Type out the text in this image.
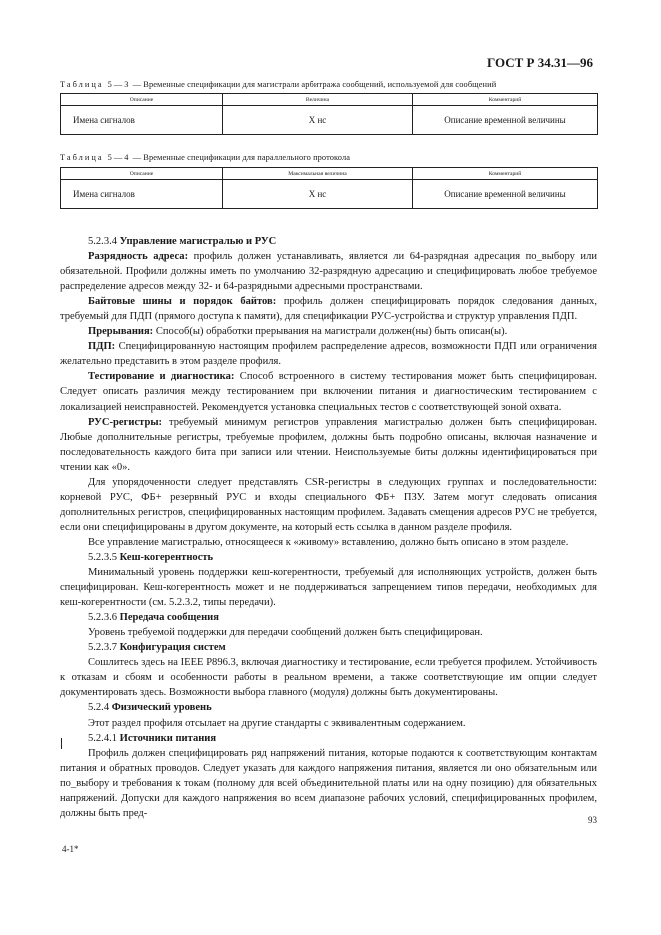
ГОСТ Р 34.31—96
Таблица 5—3 — Временные спецификации для магистрали арбитража сообщений, используемой для сообщений
Описание	Величина	Комментарий
Имена сигналов	X нс	Описание временной величины
Таблица 5—4 — Временные спецификации для параллельного протокола
Описание	Максимальная величина	Комментарий
Имена сигналов	X нс	Описание временной величины

5.2.3.4 Управление магистралью и РУС

Разрядность адреса: профиль должен устанавливать, является ли 64-разрядная адресация по_выбору или обязательной. Профили должны иметь по умолчанию 32-разрядную адресацию и специфицировать любое требуемое распределение адресов между 32- и 64-разрядными адресными пространствами.

Байтовые шины и порядок байтов: профиль должен специфицировать порядок следования данных, требуемый для ПДП (прямого доступа к памяти), для спецификации РУС-устройства и структур управления ПДП.

Прерывания: Способ(ы) обработки прерывания на магистрали должен(ны) быть описан(ы).

ПДП: Специфицированную настоящим профилем распределение адресов, возможности ПДП или ограничения желательно представить в этом разделе профиля.

Тестирование и диагностика: Способ встроенного в систему тестирования может быть специфицирован. Следует описать различия между тестированием при включении питания и диагностическим тестированием с локализацией неисправностей. Рекомендуется установка специальных тестов с соответствующей зоной охвата.

РУС-регистры: требуемый минимум регистров управления магистралью должен быть специфицирован. Любые дополнительные регистры, требуемые профилем, должны быть подробно описаны, включая назначение и последовательность каждого бита при записи или чтении. Неиспользуемые биты должны идентифицироваться при чтении как «0».

Для упорядоченности следует представлять CSR-регистры в следующих группах и последовательности: корневой РУС, ФБ+ резервный РУС и входы специального ФБ+ ПЗУ. Затем могут следовать описания дополнительных регистров, специфицированных настоящим профилем. Задавать смещения адресов РУС не требуется, если они специфицированы в другом документе, на который есть ссылка в данном разделе профиля.

Все управление магистралью, относящееся к «живому» вставлению, должно быть описано в этом разделе.

5.2.3.5 Кеш-когерентность

Минимальный уровень поддержки кеш-когерентности, требуемый для исполняющих устройств, должен быть специфицирован. Кеш-когерентность может и не поддерживаться запрещением типов передачи, необходимых для кеш-когерентности (см. 5.2.3.2, типы передачи).

5.2.3.6 Передача сообщения

Уровень требуемой поддержки для передачи сообщений должен быть специфицирован.

5.2.3.7 Конфигурация систем

Сошлитесь здесь на IEEE P896.3, включая диагностику и тестирование, если требуется профилем. Устойчивость к отказам и сбоям и особенности работы в реальном времени, а также соответствующие им опции следует документировать здесь. Возможности выбора главного (модуля) должны быть документированы.

5.2.4 Физический уровень

Этот раздел профиля отсылает на другие стандарты с эквивалентным содержанием.

5.2.4.1 Источники питания

Профиль должен специфицировать ряд напряжений питания, которые подаются к соответствующим контактам питания и обратных проводов. Следует указать для каждого напряжения питания, является ли оно обязательным или по_выбору и требования к токам (полному для всей объединительной платы или на одну позицию) для обязательных напряжений. Допуски для каждого напряжения во всем диапазоне рабочих условий, специфицированных профилем, должны быть пред-

4-1*
93
